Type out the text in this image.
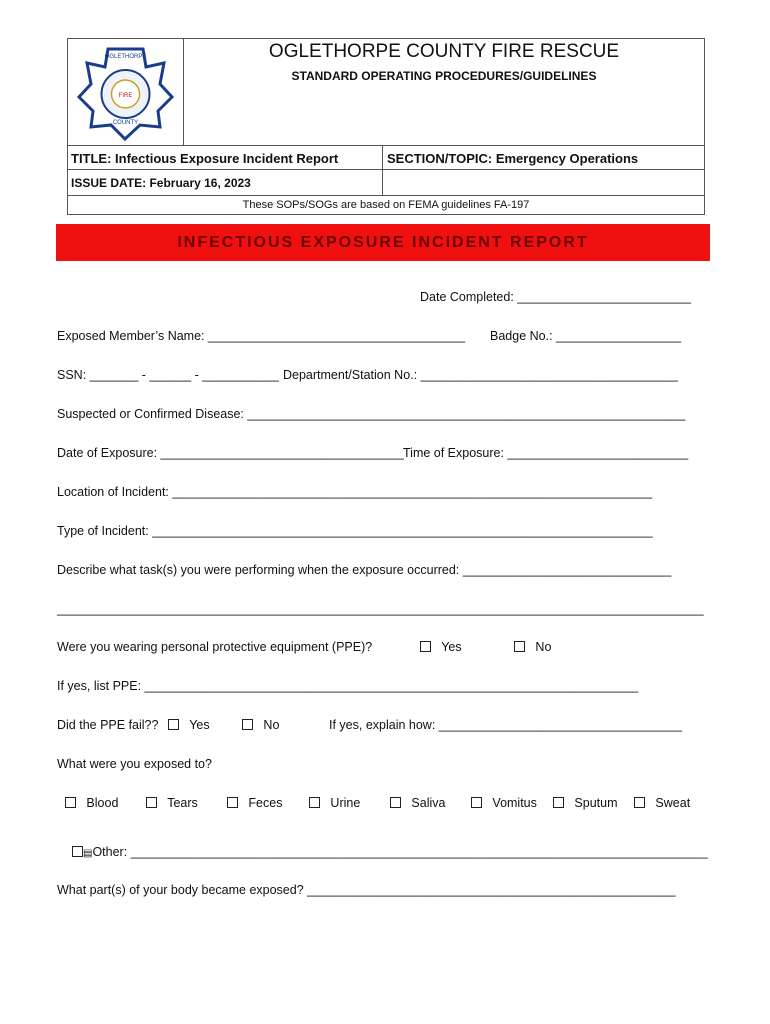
OGLETHORPE
COUNTY
FIRE
OGLETHORPE COUNTY FIRE RESCUE
STANDARD OPERATING PROCEDURES/GUIDELINES
TITLE: Infectious Exposure Incident Report	SECTION/TOPIC: Emergency Operations
ISSUE DATE: February 16, 2023
These SOPs/SOGs are based on FEMA guidelines FA-197
INFECTIOUS EXPOSURE INCIDENT REPORT
Date Completed: _________________________
Exposed Member’s Name: _____________________________________ Badge No.: __________________
SSN: _______ - ______ - ___________ Department/Station No.: _____________________________________
Suspected or Confirmed Disease: _______________________________________________________________
Date of Exposure: ___________________________________ Time of Exposure: __________________________
Location of Incident: _____________________________________________________________________
Type of Incident: ________________________________________________________________________
Describe what task(s) you were performing when the exposure occurred: ______________________________
_____________________________________________________________________________________________
Were you wearing personal protective equipment (PPE)?	Yes	No
If yes, list PPE: _______________________________________________________________________
Did the PPE fail??	Yes	No	If yes, explain how: ___________________________________
What were you exposed to?
Blood	Tears	Feces	Urine	Saliva	Vomitus	Sputum	Sweat
▤Other: ___________________________________________________________________________________
What part(s) of your body became exposed? _____________________________________________________
